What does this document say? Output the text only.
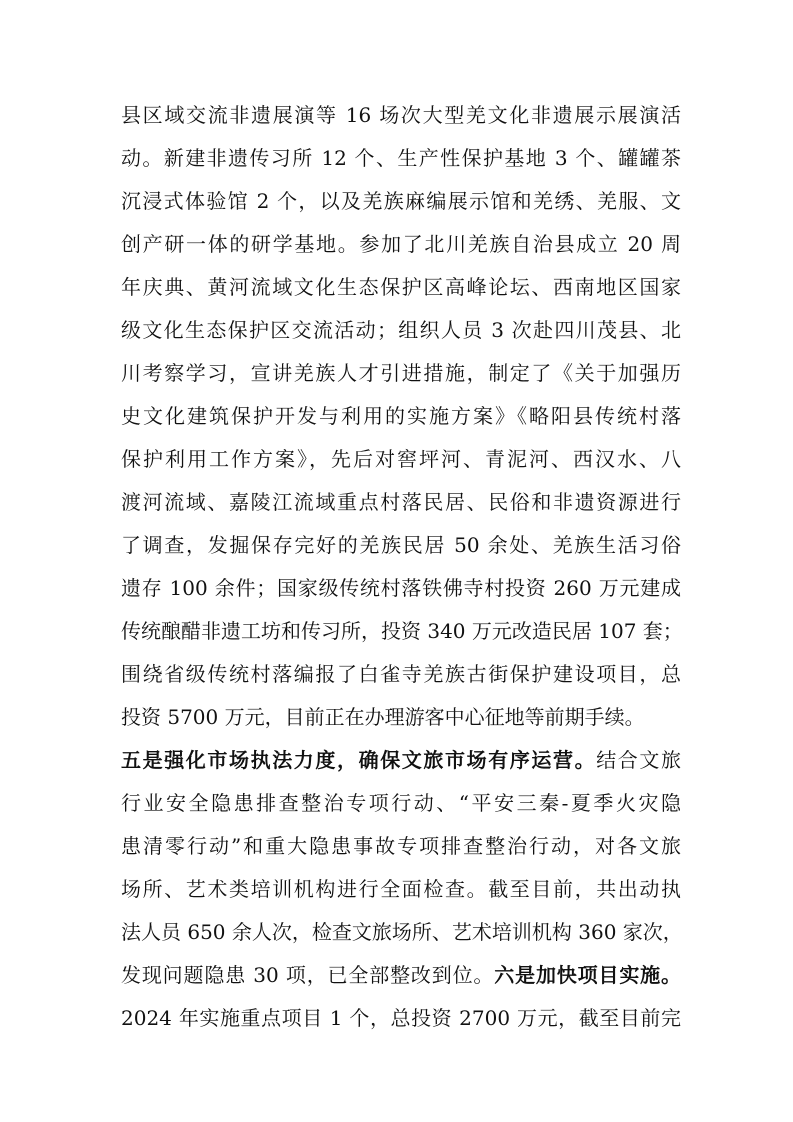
县区域交流非遗展演等 16 场次大型羌文化非遗展示展演活
动。新建非遗传习所 12 个、生产性保护基地 3 个、罐罐茶
沉浸式体验馆 2 个，以及羌族麻编展示馆和羌绣、羌服、文
创产研一体的研学基地。参加了北川羌族自治县成立 20 周
年庆典、黄河流域文化生态保护区高峰论坛、西南地区国家
级文化生态保护区交流活动；组织人员 3 次赴四川茂县、北
川考察学习，宣讲羌族人才引进措施，制定了《关于加强历
史文化建筑保护开发与利用的实施方案》《略阳县传统村落
保护利用工作方案》，先后对窖坪河、青泥河、西汉水、八
渡河流域、嘉陵江流域重点村落民居、民俗和非遗资源进行
了调查，发掘保存完好的羌族民居 50 余处、羌族生活习俗
遗存 100 余件；国家级传统村落铁佛寺村投资 260 万元建成
传统酿醋非遗工坊和传习所，投资 340 万元改造民居 107 套；
围绕省级传统村落编报了白雀寺羌族古街保护建设项目，总
投资 5700 万元，目前正在办理游客中心征地等前期手续。
五是强化市场执法力度，确保文旅市场有序运营。结合文旅
行业安全隐患排查整治专项行动、“平安三秦-夏季火灾隐
患清零行动”和重大隐患事故专项排查整治行动，对各文旅
场所、艺术类培训机构进行全面检查。截至目前，共出动执
法人员 650 余人次，检查文旅场所、艺术培训机构 360 家次，
发现问题隐患 30 项，已全部整改到位。六是加快项目实施。
2024 年实施重点项目 1 个，总投资 2700 万元，截至目前完
